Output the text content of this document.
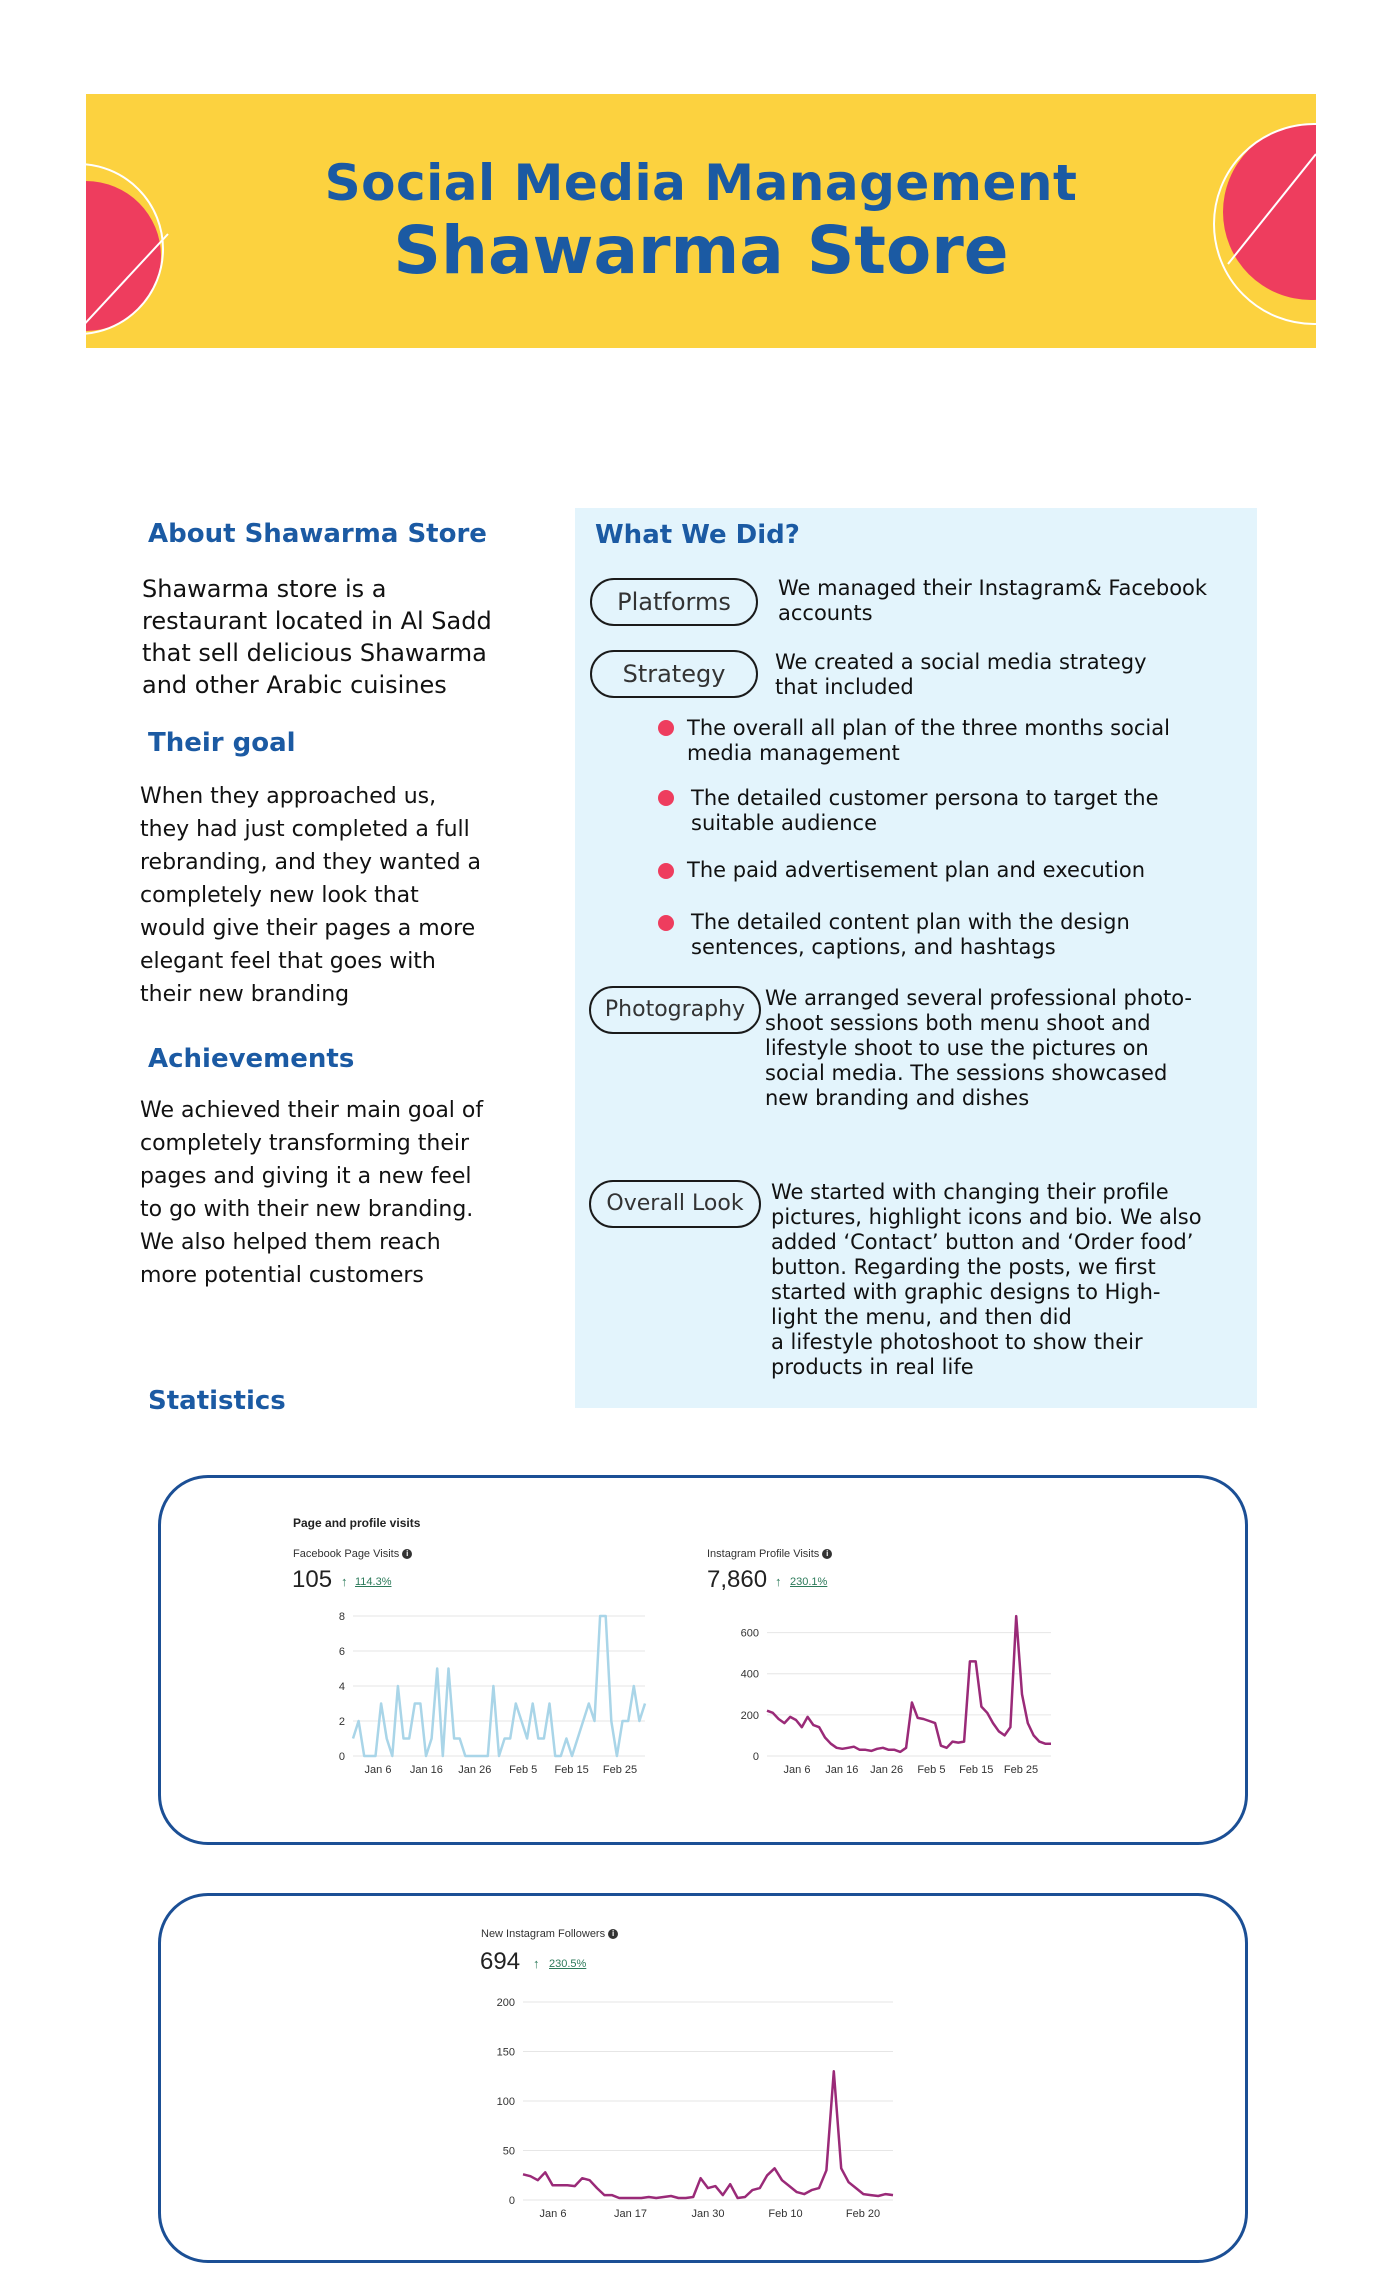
Social Media Management
Shawarma Store
About Shawarma Store
Shawarma store is a
restaurant located in Al Sadd
that sell delicious Shawarma
and other Arabic cuisines
Their goal
When they approached us,
they had just completed a full
rebranding, and they wanted a
completely new look that
would give their pages a more
elegant feel that goes with
their new branding
Achievements
We achieved their main goal of
completely transforming their
pages and giving it a new feel
to go with their new branding.
We also helped them reach
more potential customers
Statistics
What We Did?
Platforms	We managed their Instagram& Facebook
accounts
Strategy	We created a social media strategy
that included
The overall all plan of the three months social
media management
The detailed customer persona to target the
suitable audience
The paid advertisement plan and execution
The detailed content plan with the design
sentences, captions, and hashtags
Photography We arranged several professional photo-
shoot sessions both menu shoot and
lifestyle shoot to use the pictures on
social media. The sessions showcased
new branding and dishes
Overall Look	We started with changing their profile
pictures, highlight icons and bio. We also
added ‘Contact’ button and ‘Order food’
button. Regarding the posts, we first
started with graphic designs to High-
light the menu, and then did
a lifestyle photoshoot to show their
products in real life
Page and profile visits
Facebook Page Visits i
105 ↑ 114.3%
Instagram Profile Visits i
7,860 ↑ 230.1%
0
2
4
6
8
Jan 6 Jan 16 Jan 26 Feb 5 Feb 15 Feb 25
0
200
400
600
Jan 6 Jan 16 Jan 26 Feb 5 Feb 15 Feb 25
New Instagram Followers i
694 ↑ 230.5%
0
50
100
150
200
Jan 6	Jan 17	Jan 30	Feb 10	Feb 20
